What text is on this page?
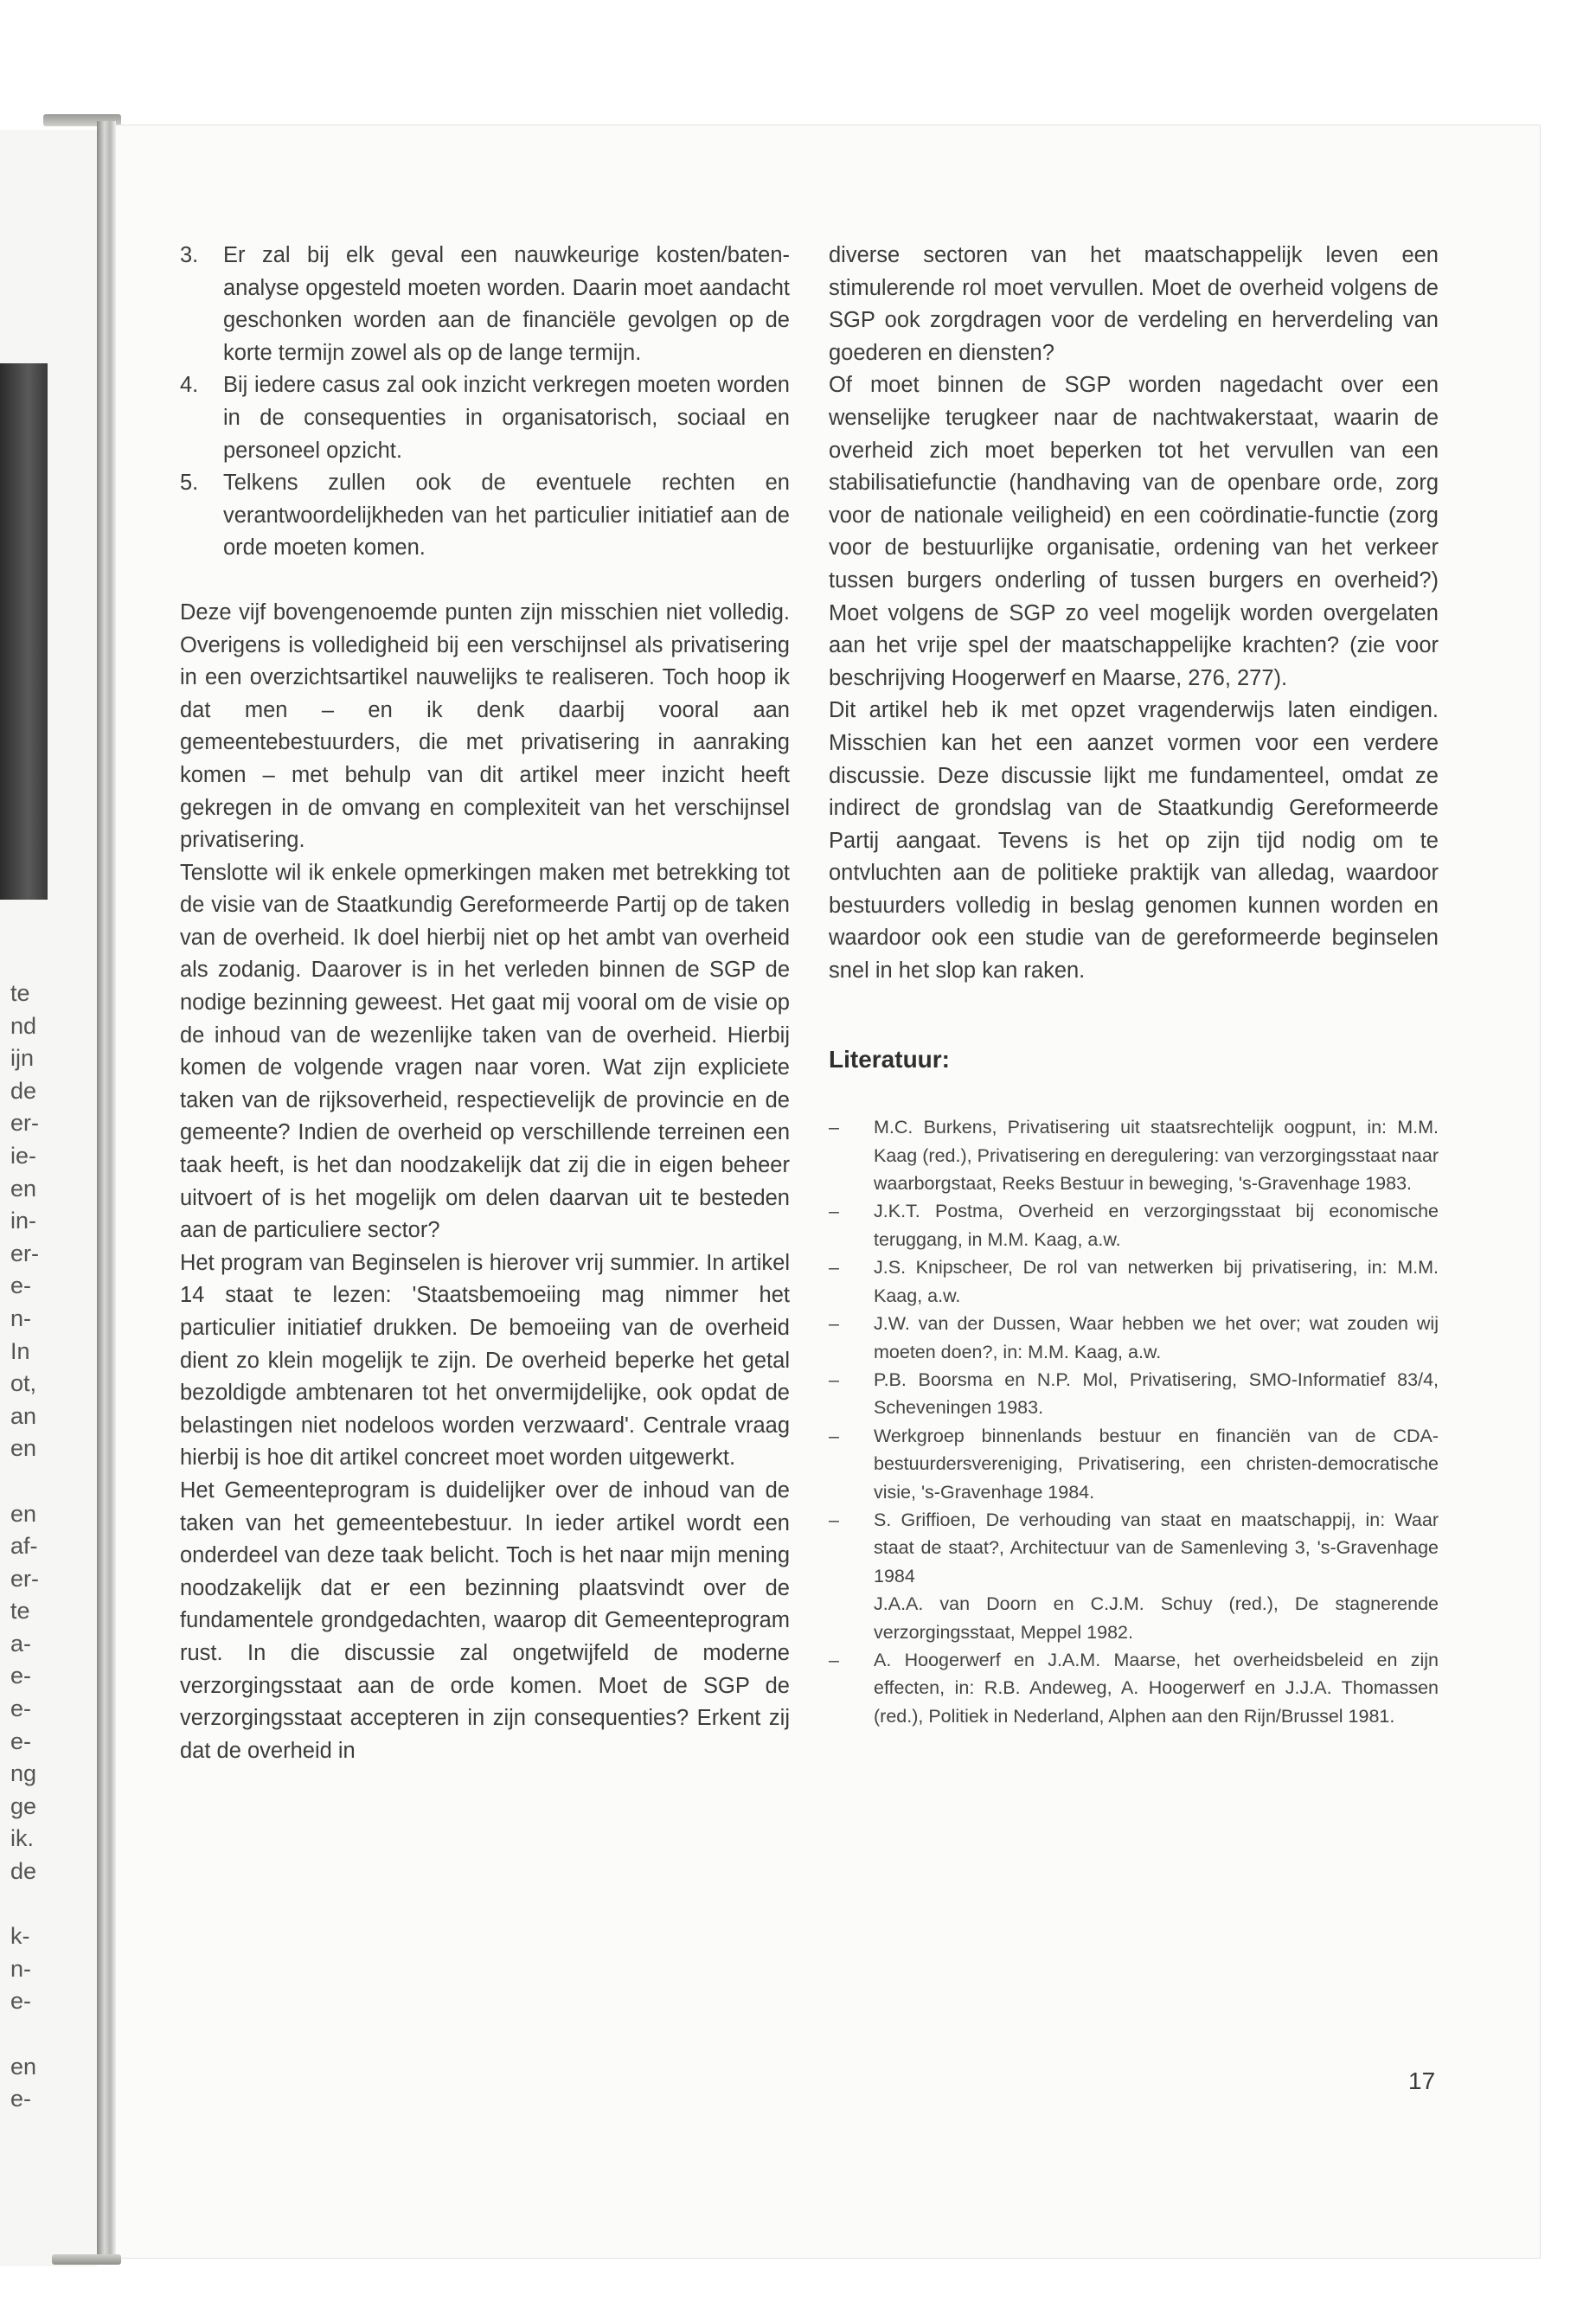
te
nd
ijn
de
er-
ie-
en
in-
er-
e-
n-
In
ot,
an
en
en
af-
er-
te
a-
e-
e-
e-
ng
ge
ik.
de
k-
n-
e-
en
e-
3.	Er zal bij elk geval een nauwkeurige kosten/baten-analyse opgesteld moeten worden. Daarin moet aandacht geschonken worden aan de financiële gevolgen op de korte termijn zowel als op de lange termijn.
4.	Bij iedere casus zal ook inzicht verkregen moeten worden in de consequenties in organisatorisch, sociaal en personeel opzicht.
5.	Telkens zullen ook de eventuele rechten en verantwoordelijkheden van het particulier initiatief aan de orde moeten komen.

Deze vijf bovengenoemde punten zijn misschien niet volledig. Overigens is volledigheid bij een verschijnsel als privatisering in een overzichtsartikel nauwelijks te realiseren. Toch hoop ik dat men – en ik denk daarbij vooral aan gemeentebestuurders, die met privatisering in aanraking komen – met behulp van dit artikel meer inzicht heeft gekregen in de omvang en complexiteit van het verschijnsel privatisering.

Tenslotte wil ik enkele opmerkingen maken met betrekking tot de visie van de Staatkundig Gereformeerde Partij op de taken van de overheid. Ik doel hierbij niet op het ambt van overheid als zodanig. Daarover is in het verleden binnen de SGP de nodige bezinning geweest. Het gaat mij vooral om de visie op de inhoud van de wezenlijke taken van de overheid. Hierbij komen de volgende vragen naar voren. Wat zijn expliciete taken van de rijksoverheid, respectievelijk de provincie en de gemeente? Indien de overheid op verschillende terreinen een taak heeft, is het dan noodzakelijk dat zij die in eigen beheer uitvoert of is het mogelijk om delen daarvan uit te besteden aan de particuliere sector?

Het program van Beginselen is hierover vrij summier. In artikel 14 staat te lezen: 'Staatsbemoeiing mag nimmer het particulier initiatief drukken. De bemoeiing van de overheid dient zo klein mogelijk te zijn. De overheid beperke het getal bezoldigde ambtenaren tot het onvermijdelijke, ook opdat de belastingen niet nodeloos worden verzwaard'. Centrale vraag hierbij is hoe dit artikel concreet moet worden uitgewerkt.

Het Gemeenteprogram is duidelijker over de inhoud van de taken van het gemeentebestuur. In ieder artikel wordt een onderdeel van deze taak belicht. Toch is het naar mijn mening noodzakelijk dat er een bezinning plaatsvindt over de fundamentele grondgedachten, waarop dit Gemeenteprogram rust. In die discussie zal ongetwijfeld de moderne verzorgingsstaat aan de orde komen. Moet de SGP de verzorgingsstaat accepteren in zijn consequenties? Erkent zij dat de overheid in

diverse sectoren van het maatschappelijk leven een stimulerende rol moet vervullen. Moet de overheid volgens de SGP ook zorgdragen voor de verdeling en herverdeling van goederen en diensten?

Of moet binnen de SGP worden nagedacht over een wenselijke terugkeer naar de nachtwakerstaat, waarin de overheid zich moet beperken tot het vervullen van een stabilisatiefunctie (handhaving van de openbare orde, zorg voor de nationale veiligheid) en een coördinatie-functie (zorg voor de bestuurlijke organisatie, ordening van het verkeer tussen burgers onderling of tussen burgers en overheid?) Moet volgens de SGP zo veel mogelijk worden overgelaten aan het vrije spel der maatschappelijke krachten? (zie voor beschrijving Hoogerwerf en Maarse, 276, 277).

Dit artikel heb ik met opzet vragenderwijs laten eindigen. Misschien kan het een aanzet vormen voor een verdere discussie. Deze discussie lijkt me fundamenteel, omdat ze indirect de grondslag van de Staatkundig Gereformeerde Partij aangaat. Tevens is het op zijn tijd nodig om te ontvluchten aan de politieke praktijk van alledag, waardoor bestuurders volledig in beslag genomen kunnen worden en waardoor ook een studie van de gereformeerde beginselen snel in het slop kan raken.

Literatuur:
–	M.C. Burkens, Privatisering uit staatsrechtelijk oogpunt, in: M.M. Kaag (red.), Privatisering en deregulering: van verzorgingsstaat naar waarborgstaat, Reeks Bestuur in beweging, 's-Gravenhage 1983.
–	J.K.T. Postma, Overheid en verzorgingsstaat bij economische teruggang, in M.M. Kaag, a.w.
–	J.S. Knipscheer, De rol van netwerken bij privatisering, in: M.M. Kaag, a.w.
–	J.W. van der Dussen, Waar hebben we het over; wat zouden wij moeten doen?, in: M.M. Kaag, a.w.
–	P.B. Boorsma en N.P. Mol, Privatisering, SMO-Informatief 83/4, Scheveningen 1983.
–	Werkgroep binnenlands bestuur en financiën van de CDA-bestuurdersvereniging, Privatisering, een christen-democratische visie, 's-Gravenhage 1984.
–	S. Griffioen, De verhouding van staat en maatschappij, in: Waar staat de staat?, Architectuur van de Samenleving 3, 's-Gravenhage 1984
J.A.A. van Doorn en C.J.M. Schuy (red.), De stagnerende verzorgingsstaat, Meppel 1982.
–	A. Hoogerwerf en J.A.M. Maarse, het overheidsbeleid en zijn effecten, in: R.B. Andeweg, A. Hoogerwerf en J.J.A. Thomassen (red.), Politiek in Nederland, Alphen aan den Rijn/Brussel 1981.
17
